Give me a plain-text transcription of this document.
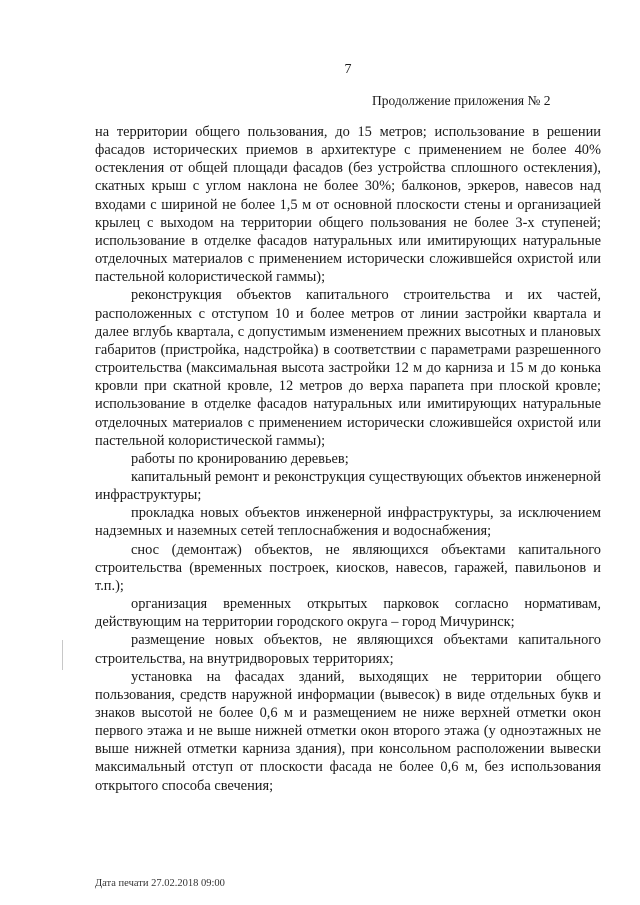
7
Продолжение приложения № 2

на территории общего пользования, до 15 метров; использование в решении фасадов исторических приемов в архитектуре с применением не более 40% остекления от общей площади фасадов (без устройства сплошного остекления), скатных крыш с углом наклона не более 30%; балконов, эркеров, навесов над входами с шириной не более 1,5 м от основной плоскости стены и организацией крылец с выходом на территории общего пользования не более 3-х ступеней; использование в отделке фасадов натуральных или имитирующих натуральные отделочных материалов с применением исторически сложившейся охристой или пастельной колористической гаммы);

реконструкция объектов капитального строительства и их частей, расположенных с отступом 10 и более метров от линии застройки квартала и далее вглубь квартала, с допустимым изменением прежних высотных и плановых габаритов (пристройка, надстройка) в соответствии с параметрами разрешенного строительства (максимальная высота застройки 12 м до карниза и 15 м до конька кровли при скатной кровле, 12 метров до верха парапета при плоской кровле; использование в отделке фасадов натуральных или имитирующих натуральные отделочных материалов с применением исторически сложившейся охристой или пастельной колористической гаммы);

работы по кронированию деревьев;

капитальный ремонт и реконструкция существующих объектов инженерной инфраструктуры;

прокладка новых объектов инженерной инфраструктуры, за исключением надземных и наземных сетей теплоснабжения и водоснабжения;

снос (демонтаж) объектов, не являющихся объектами капитального строительства (временных построек, киосков, навесов, гаражей, павильонов и т.п.);

организация временных открытых парковок согласно нормативам, действующим на территории городского округа – город Мичуринск;

размещение новых объектов, не являющихся объектами капитального строительства, на внутридворовых территориях;

установка на фасадах зданий, выходящих не территории общего пользования, средств наружной информации (вывесок) в виде отдельных букв и знаков высотой не более 0,6 м и размещением не ниже верхней отметки окон первого этажа и не выше нижней отметки окон второго этажа (у одноэтажных не выше нижней отметки карниза здания), при консольном расположении вывески максимальный отступ от плоскости фасада не более 0,6 м, без использования открытого способа свечения;

Дата печати 27.02.2018 09:00
